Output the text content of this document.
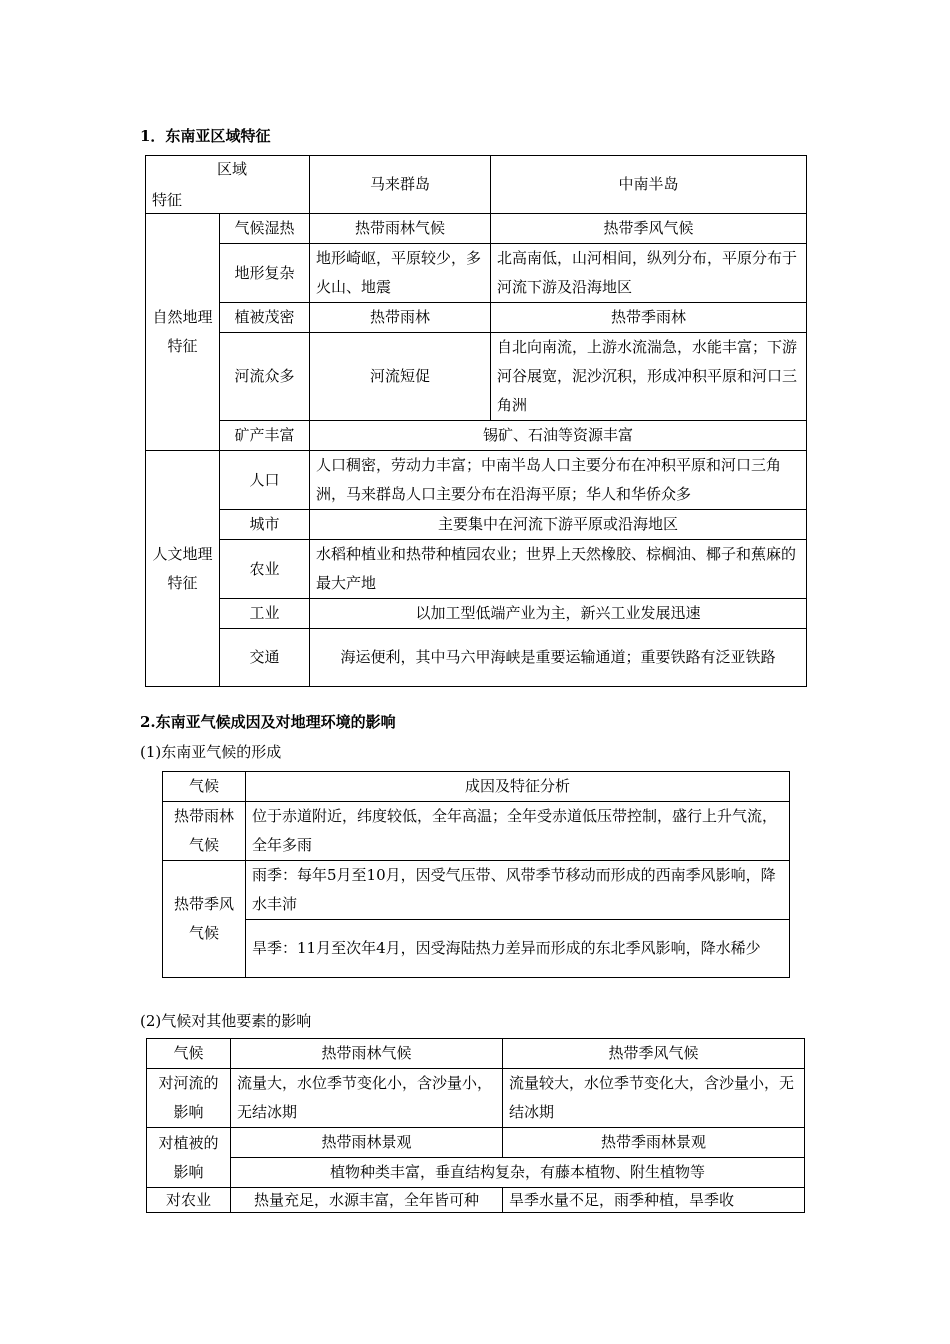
1．东南亚区域特征
区域
特征		马来群岛	中南半岛
自然地理特征	气候湿热	热带雨林气候	热带季风气候
	地形复杂	地形崎岖，平原较少，多火山、地震	北高南低，山河相间，纵列分布，平原分布于河流下游及沿海地区
	植被茂密	热带雨林	热带季雨林
	河流众多	河流短促	自北向南流，上游水流湍急，水能丰富；下游河谷展宽，泥沙沉积，形成冲积平原和河口三角洲
	矿产丰富	锡矿、石油等资源丰富	
人文地理特征	人口	人口稠密，劳动力丰富；中南半岛人口主要分布在冲积平原和河口三角洲，马来群岛人口主要分布在沿海平原；华人和华侨众多	
	城市	主要集中在河流下游平原或沿海地区	
	农业	水稻种植业和热带种植园农业；世界上天然橡胶、棕榈油、椰子和蕉麻的最大产地	
	工业	以加工型低端产业为主，新兴工业发展迅速	
	交通	海运便利，其中马六甲海峡是重要运输通道；重要铁路有泛亚铁路	
2.东南亚气候成因及对地理环境的影响
(1)东南亚气候的形成
气候	成因及特征分析
热带雨林气候	位于赤道附近，纬度较低，全年高温；全年受赤道低压带控制，盛行上升气流，全年多雨
热带季风气候	雨季：每年5月至10月，因受气压带、风带季节移动而形成的西南季风影响，降水丰沛
	旱季：11月至次年4月，因受海陆热力差异而形成的东北季风影响，降水稀少
(2)气候对其他要素的影响
气候	热带雨林气候	热带季风气候
对河流的影响	流量大，水位季节变化小，含沙量小，无结冰期	流量较大，水位季节变化大，含沙量小，无结冰期
对植被的影响	热带雨林景观	热带季雨林景观
	植物种类丰富，垂直结构复杂，有藤本植物、附生植物等	
对农业	热量充足，水源丰富，全年皆可种	旱季水量不足，雨季种植，旱季收
